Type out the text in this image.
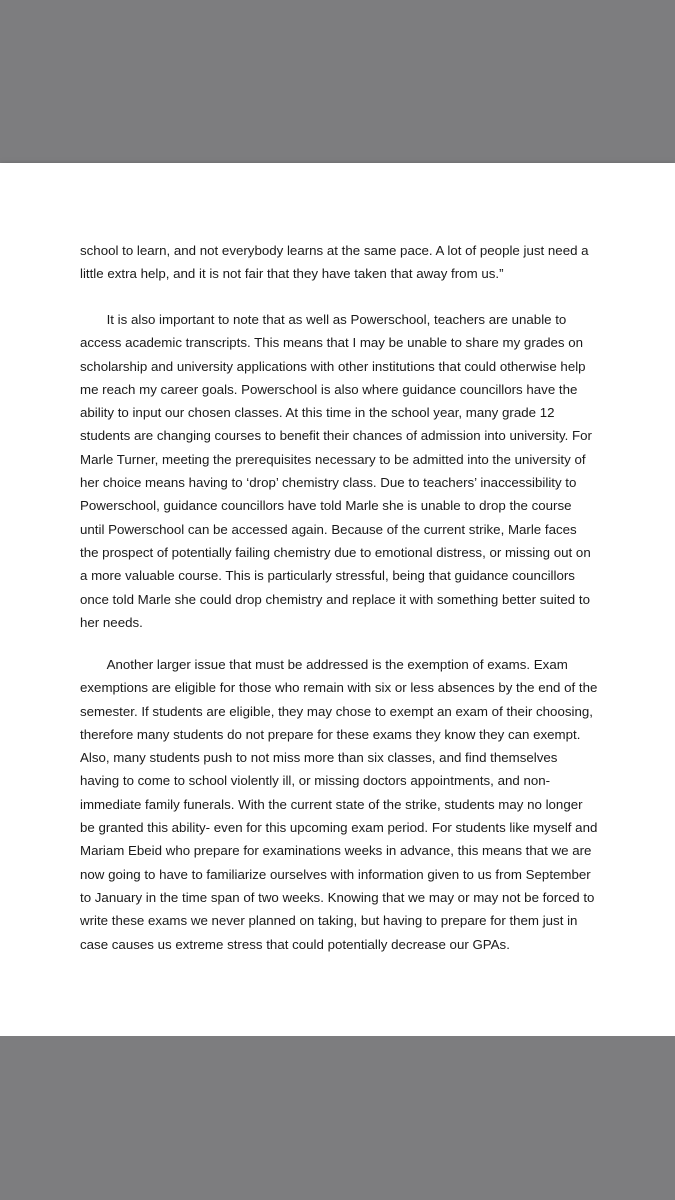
school to learn, and not everybody learns at the same pace. A lot of people just need a
little extra help, and it is not fair that they have taken that away from us.”

  It is also important to note that as well as Powerschool, teachers are unable to
access academic transcripts. This means that I may be unable to share my grades on
scholarship and university applications with other institutions that could otherwise help
me reach my career goals. Powerschool is also where guidance councillors have the
ability to input our chosen classes. At this time in the school year, many grade 12
students are changing courses to benefit their chances of admission into university. For
Marle Turner, meeting the prerequisites necessary to be admitted into the university of
her choice means having to ‘drop’ chemistry class. Due to teachers’ inaccessibility to
Powerschool, guidance councillors have told Marle she is unable to drop the course
until Powerschool can be accessed again. Because of the current strike, Marle faces
the prospect of potentially failing chemistry due to emotional distress, or missing out on
a more valuable course. This is particularly stressful, being that guidance councillors
once told Marle she could drop chemistry and replace it with something better suited to
her needs.

  Another larger issue that must be addressed is the exemption of exams. Exam
exemptions are eligible for those who remain with six or less absences by the end of the
semester. If students are eligible, they may chose to exempt an exam of their choosing,
therefore many students do not prepare for these exams they know they can exempt.
Also, many students push to not miss more than six classes, and find themselves
having to come to school violently ill, or missing doctors appointments, and non-
immediate family funerals. With the current state of the strike, students may no longer
be granted this ability- even for this upcoming exam period. For students like myself and
Mariam Ebeid who prepare for examinations weeks in advance, this means that we are
now going to have to familiarize ourselves with information given to us from September
to January in the time span of two weeks. Knowing that we may or may not be forced to
write these exams we never planned on taking, but having to prepare for them just in
case causes us extreme stress that could potentially decrease our GPAs.
